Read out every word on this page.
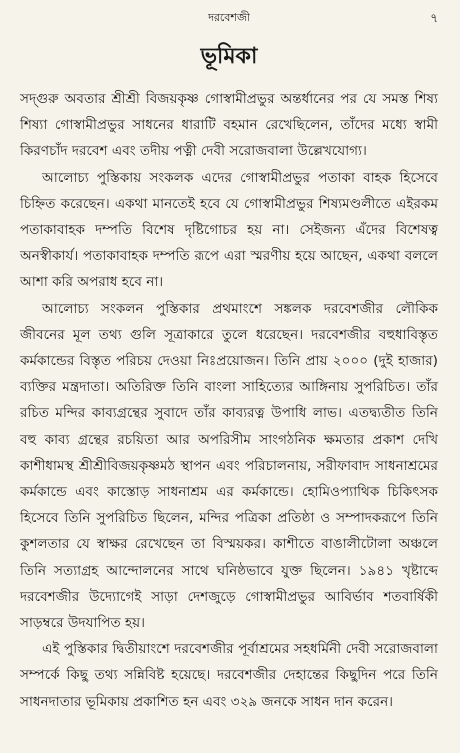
দরবেশজী	৭
ভূমিকা

সদ্‌গুরু অবতার শ্রীশ্রী বিজয়কৃষ্ণ গোস্বামীপ্রভুর অন্তর্ধানের পর যে সমস্ত শিষ্য শিষ্যা গোস্বামীপ্রভুর সাধনের ধারাটি বহমান রেখেছিলেন, তাঁদের মধ্যে স্বামী কিরণচাঁদ দরবেশ এবং তদীয় পত্নী দেবী সরোজবালা উল্লেখযোগ্য।

আলোচ্য পুস্তিকায় সংকলক এদের গোস্বামীপ্রভুর পতাকা বাহক হিসেবে চিহ্নিত করেছেন। একথা মানতেই হবে যে গোস্বামীপ্রভুর শিষ্যমণ্ডলীতে এইরকম পতাকাবাহক দম্পতি বিশেষ দৃষ্টিগোচর হয় না। সেইজন্য এঁদের বিশেষত্ব অনস্বীকার্য। পতাকাবাহক দম্পতি রূপে এরা স্মরণীয় হয়ে আছেন, একথা বললে আশা করি অপরাধ হবে না।

আলোচ্য সংকলন পুস্তিকার প্রথমাংশে সঙ্কলক দরবেশজীর লৌকিক জীবনের মূল তথ্য গুলি সূত্রাকারে তুলে ধরেছেন। দরবেশজীর বহুধাবিস্তৃত কর্মকান্ডের বিস্তৃত পরিচয় দেওয়া নিঃপ্রয়োজন। তিনি প্রায় ২০০০ (দুই হাজার) ব্যক্তির মন্ত্রদাতা। অতিরিক্ত তিনি বাংলা সাহিত্যের আঙ্গিনায় সুপরিচিত। তাঁর রচিত মন্দির কাব্যগ্রন্থের সুবাদে তাঁর কাব্যরত্ন উপাধি লাভ। এতদ্ব্যতীত তিনি বহু কাব্য গ্রন্থের রচয়িতা আর অপরিসীম সাংগঠনিক ক্ষমতার প্রকাশ দেখি কাশীধামস্থ শ্রীশ্রীবিজয়কৃষ্ণমঠ স্থাপন এবং পরিচালনায়, সরীফাবাদ সাধনাশ্রমের কর্মকান্ডে এবং কাস্তোড় সাধনাশ্রম এর কর্মকান্ডে। হোমিওপ্যাথিক চিকিৎসক হিসেবে তিনি সুপরিচিত ছিলেন, মন্দির পত্রিকা প্রতিষ্ঠা ও সম্পাদকরূপে তিনি কুশলতার যে স্বাক্ষর রেখেছেন তা বিস্ময়কর। কাশীতে বাঙালীটোলা অঞ্চলে তিনি সত্যাগ্রহ আন্দোলনের সাথে ঘনিষ্ঠভাবে যুক্ত ছিলেন। ১৯৪১ খৃষ্টাব্দে দরবেশজীর উদ্যোগেই সাড়া দেশজুড়ে গোস্বামীপ্রভুর আবির্ভাব শতবার্ষিকী সাড়ম্বরে উদযাপিত হয়।

এই পুস্তিকার দ্বিতীয়াংশে দরবেশজীর পূর্বাশ্রমের সহধর্মিনী দেবী সরোজবালা সম্পর্কে কিছু তথ্য সন্নিবিষ্ট হয়েছে। দরবেশজীর দেহান্তের কিছুদিন পরে তিনি সাধনদাতার ভূমিকায় প্রকাশিত হন এবং ৩২৯ জনকে সাধন দান করেন।
